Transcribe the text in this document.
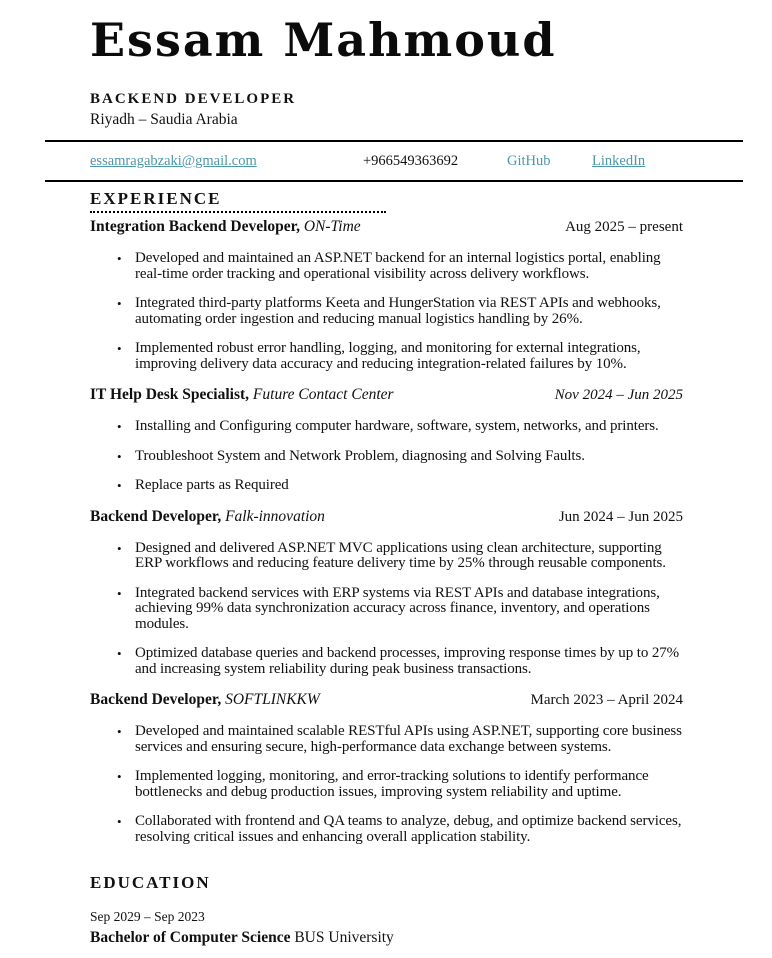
Essam Mahmoud
BACKEND DEVELOPER
Riyadh – Saudia Arabia
essamragabzaki@gmail.com	+966549363692	GitHub	LinkedIn
EXPERIENCE
Integration Backend Developer, ON-Time	Aug 2025 – present
• Developed and maintained an ASP.NET backend for an internal logistics portal, enabling real-time order tracking and operational visibility across delivery workflows.
• Integrated third-party platforms Keeta and HungerStation via REST APIs and webhooks, automating order ingestion and reducing manual logistics handling by 26%.
• Implemented robust error handling, logging, and monitoring for external integrations, improving delivery data accuracy and reducing integration-related failures by 10%.
IT Help Desk Specialist, Future Contact Center	Nov 2024 – Jun 2025
• Installing and Configuring computer hardware, software, system, networks, and printers.
• Troubleshoot System and Network Problem, diagnosing and Solving Faults.
• Replace parts as Required
Backend Developer, Falk-innovation	Jun 2024 – Jun 2025
• Designed and delivered ASP.NET MVC applications using clean architecture, supporting ERP workflows and reducing feature delivery time by 25% through reusable components.
• Integrated backend services with ERP systems via REST APIs and database integrations, achieving 99% data synchronization accuracy across finance, inventory, and operations modules.
• Optimized database queries and backend processes, improving response times by up to 27% and increasing system reliability during peak business transactions.
Backend Developer, SOFTLINKKW	March 2023 – April 2024
• Developed and maintained scalable RESTful APIs using ASP.NET, supporting core business services and ensuring secure, high-performance data exchange between systems.
• Implemented logging, monitoring, and error-tracking solutions to identify performance bottlenecks and debug production issues, improving system reliability and uptime.
• Collaborated with frontend and QA teams to analyze, debug, and optimize backend services, resolving critical issues and enhancing overall application stability.
EDUCATION
Sep 2029 – Sep 2023
Bachelor of Computer Science BUS University
